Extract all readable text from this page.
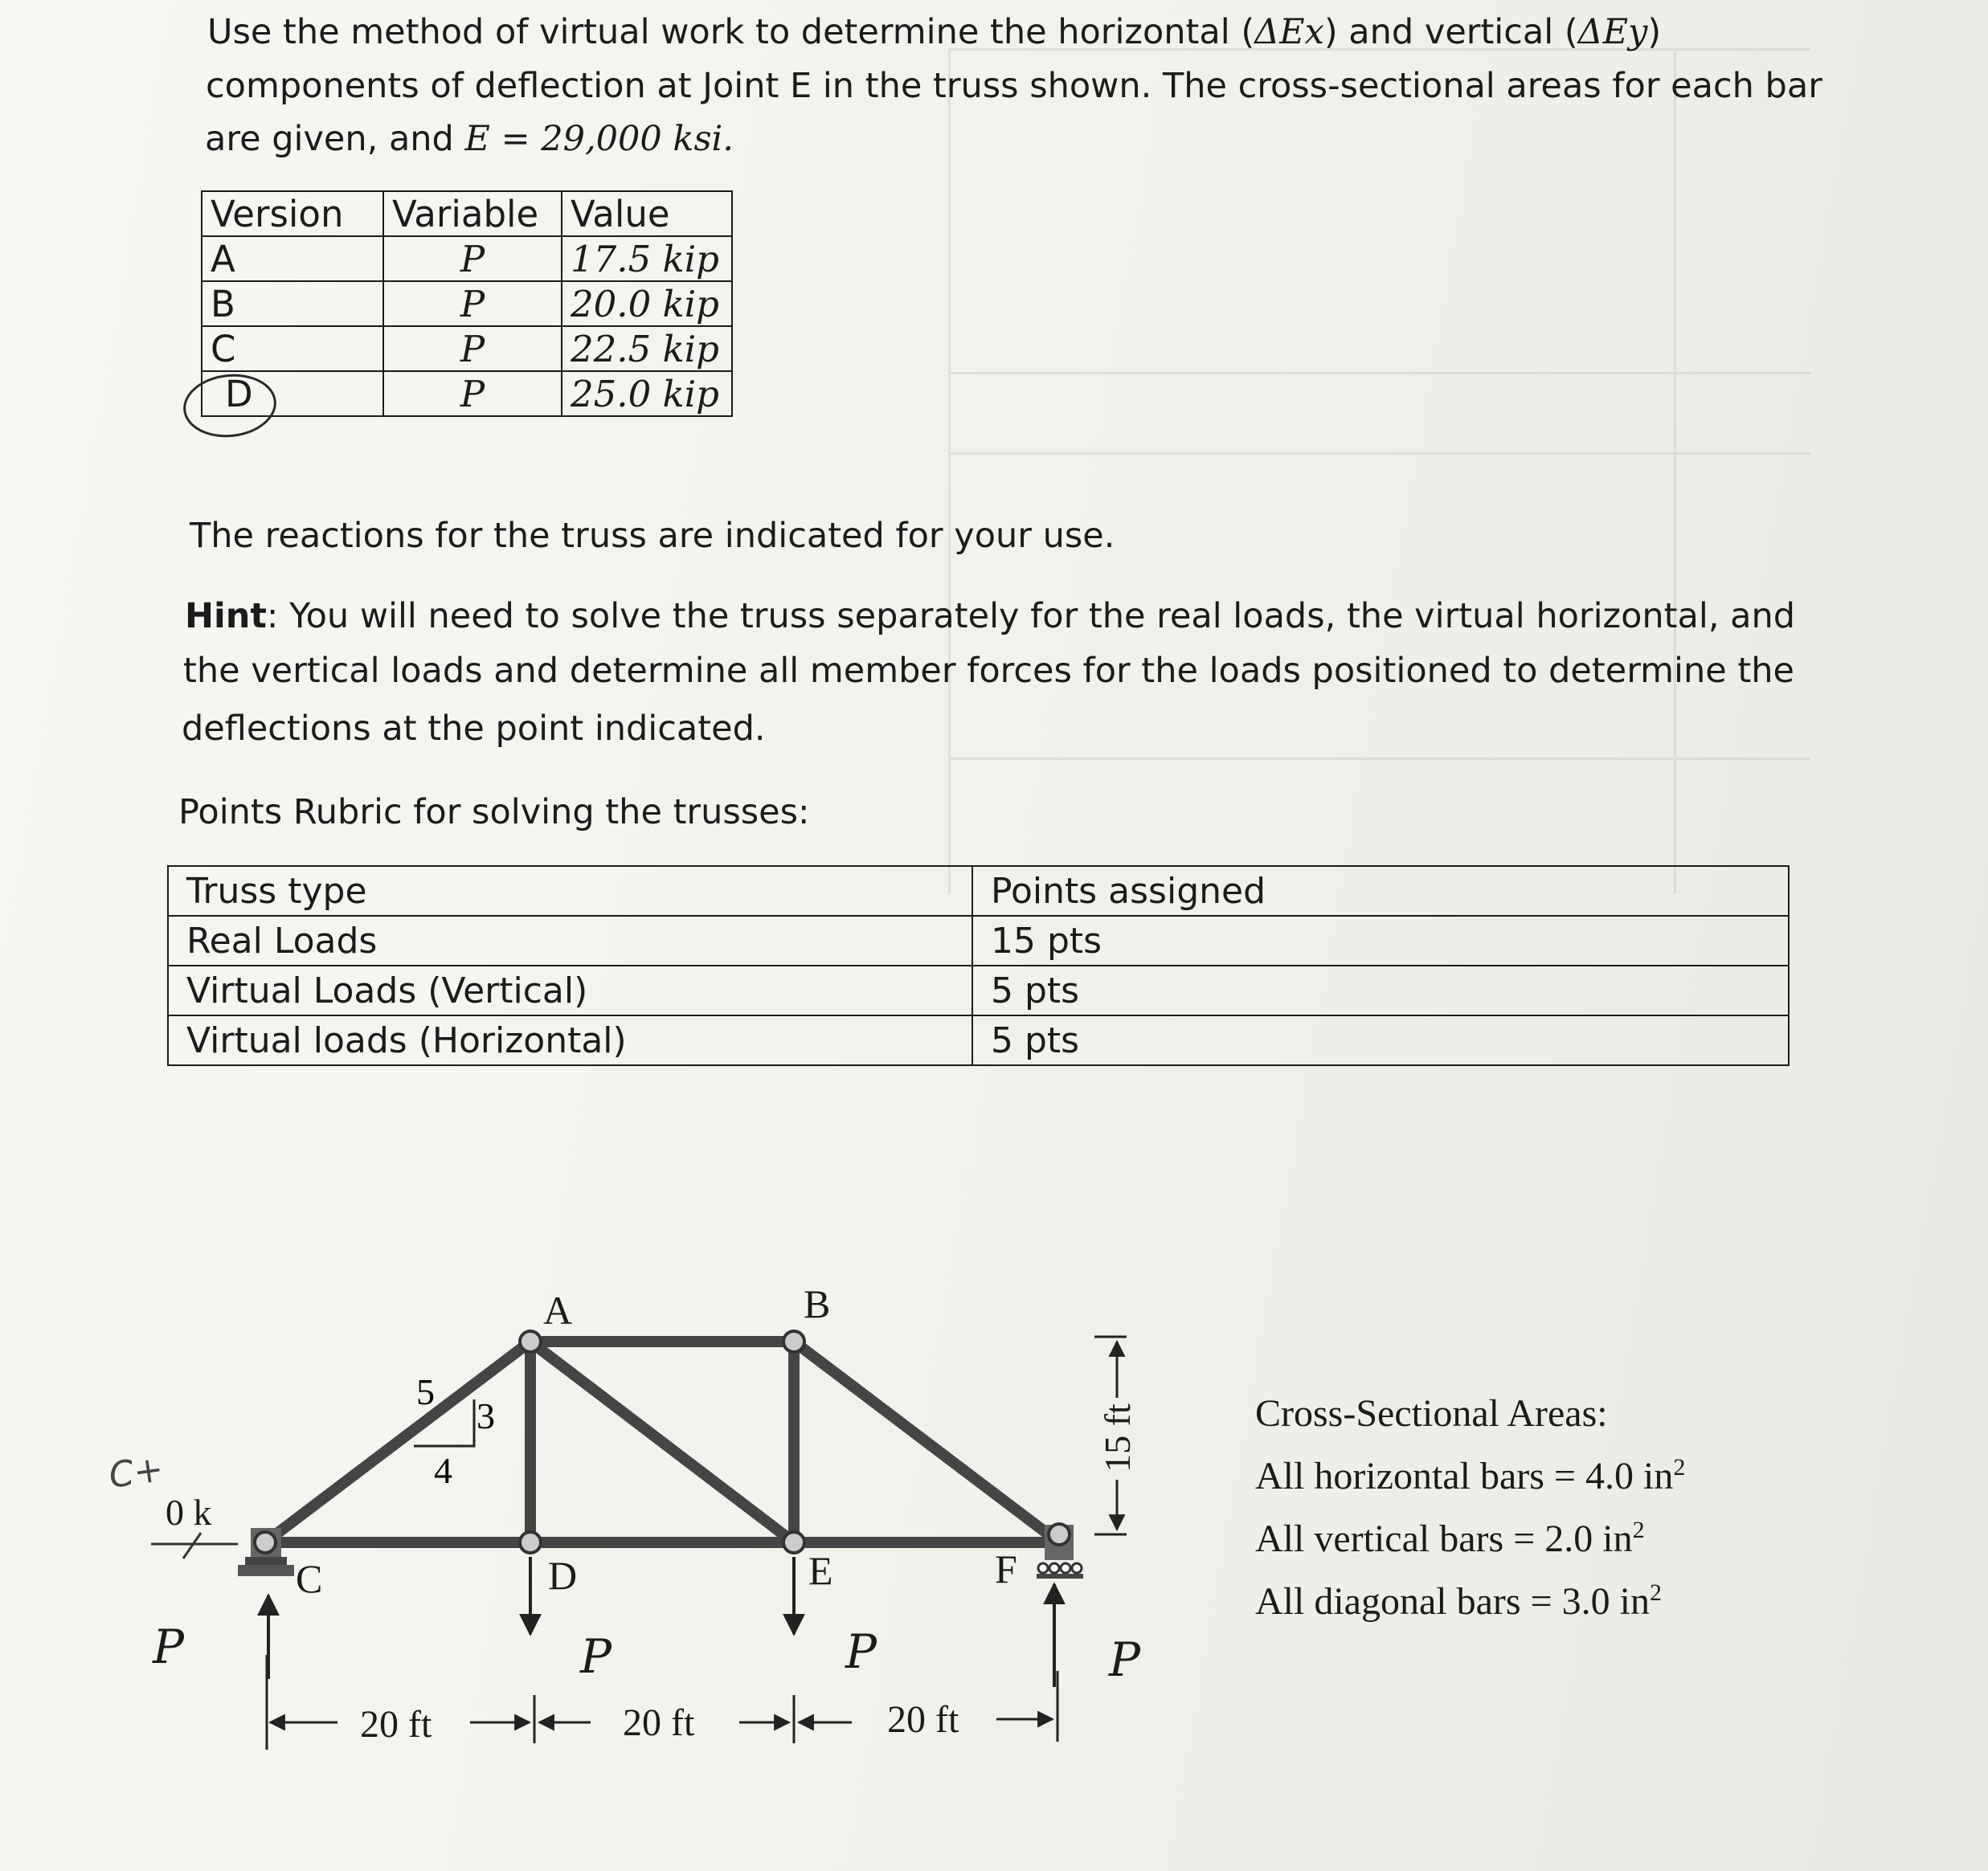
Use the method of virtual work to determine the horizontal (ΔEx) and vertical (ΔEy)
components of deflection at Joint E in the truss shown. The cross-sectional areas for each bar
are given, and E = 29,000 ksi.
Version	Variable	Value
A	P	17.5 kip
B	P	20.0 kip
C	P	22.5 kip
D	P	25.0 kip
The reactions for the truss are indicated for your use.
Hint: You will need to solve the truss separately for the real loads, the virtual horizontal, and
the vertical loads and determine all member forces for the loads positioned to determine the
deflections at the point indicated.
Points Rubric for solving the trusses:
Truss type	Points assigned
Real Loads	15 pts
Virtual Loads (Vertical)	5 pts
Virtual loads (Horizontal)	5 pts
A	B
C	D	E	F
5
3
4
P	P	P
P
20 ft	20 ft	20 ft
15 ft
C+
0 k
Cross-Sectional Areas:
All horizontal bars = 4.0 $in^2$
All vertical bars = 2.0 $in^2$
All diagonal bars = 3.0 $in^2$
